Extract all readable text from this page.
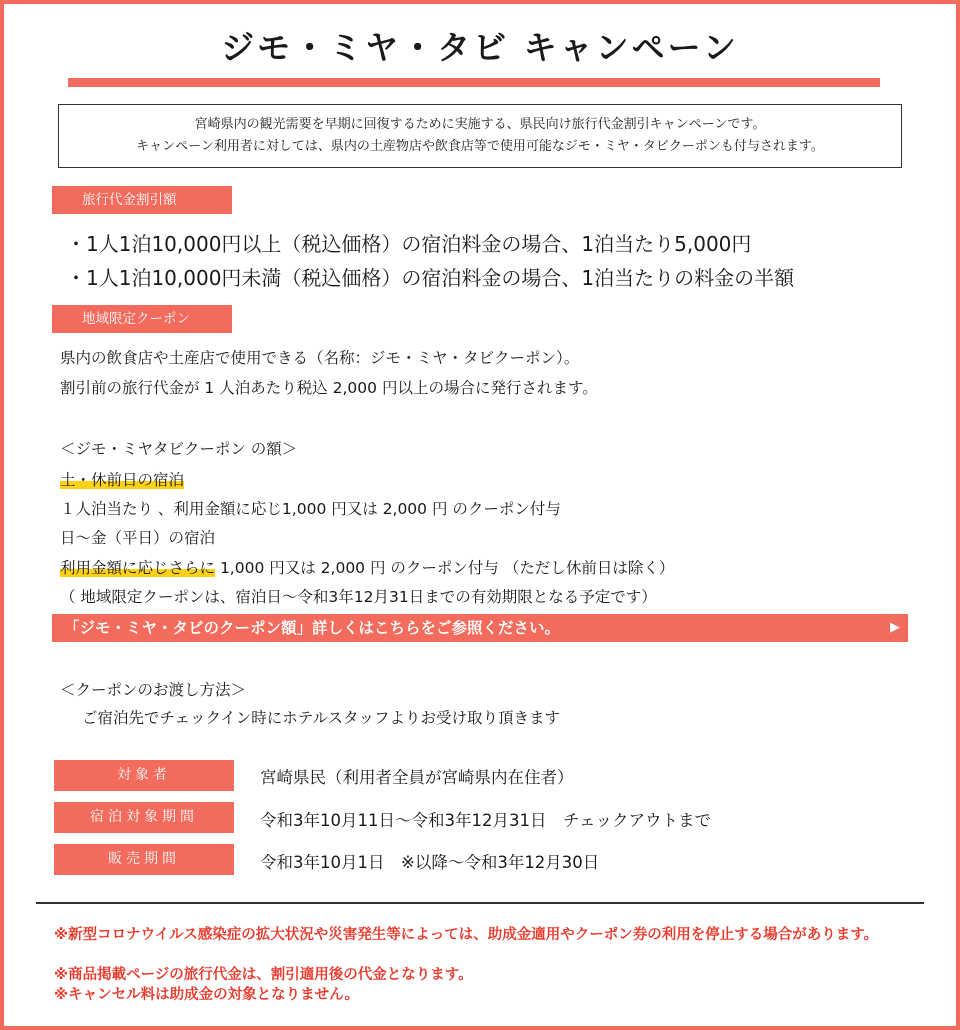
ジモ・ミヤ・タビ キャンペーン
宮崎県内の観光需要を早期に回復するために実施する、県民向け旅行代金割引キャンペーンです。
キャンペーン利用者に対しては、県内の土産物店や飲食店等で使用可能なジモ・ミヤ・タビクーポンも付与されます。
旅行代金割引額
・1人1泊10,000円以上（税込価格）の宿泊料金の場合、1泊当たり5,000円
・1人1泊10,000円未満（税込価格）の宿泊料金の場合、1泊当たりの料金の半額
地域限定クーポン
県内の飲食店や土産店で使用できる（名称：ジモ・ミヤ・タビクーポン）。
割引前の旅行代金が 1 人泊あたり税込 2,000 円以上の場合に発行されます。
＜ジモ・ミヤタビクーポン の額＞
土・休前日の宿泊
１人泊当たり 、利用金額に応じ1,000 円又は 2,000 円 のクーポン付与
日～金（平日）の宿泊
利用金額に応じさらに 1,000 円又は 2,000 円 のクーポン付与 （ただし休前日は除く）
（ 地域限定クーポンは、宿泊日～令和3年12月31日までの有効期限となる予定です）
「ジモ・ミヤ・タビのクーポン額」詳しくはこちらをご参照ください。	▶
＜クーポンのお渡し方法＞
ご宿泊先でチェックイン時にホテルスタッフよりお受け取り頂きます
対象者	宮崎県民（利用者全員が宮崎県内在住者）
宿泊対象期間	令和3年10月11日～令和3年12月31日　チェックアウトまで
販売期間	令和3年10月1日　※以降～令和3年12月30日
※新型コロナウイルス感染症の拡大状況や災害発生等によっては、助成金適用やクーポン券の利用を停止する場合があります。
※商品掲載ページの旅行代金は、割引適用後の代金となります。
※キャンセル料は助成金の対象となりません。
